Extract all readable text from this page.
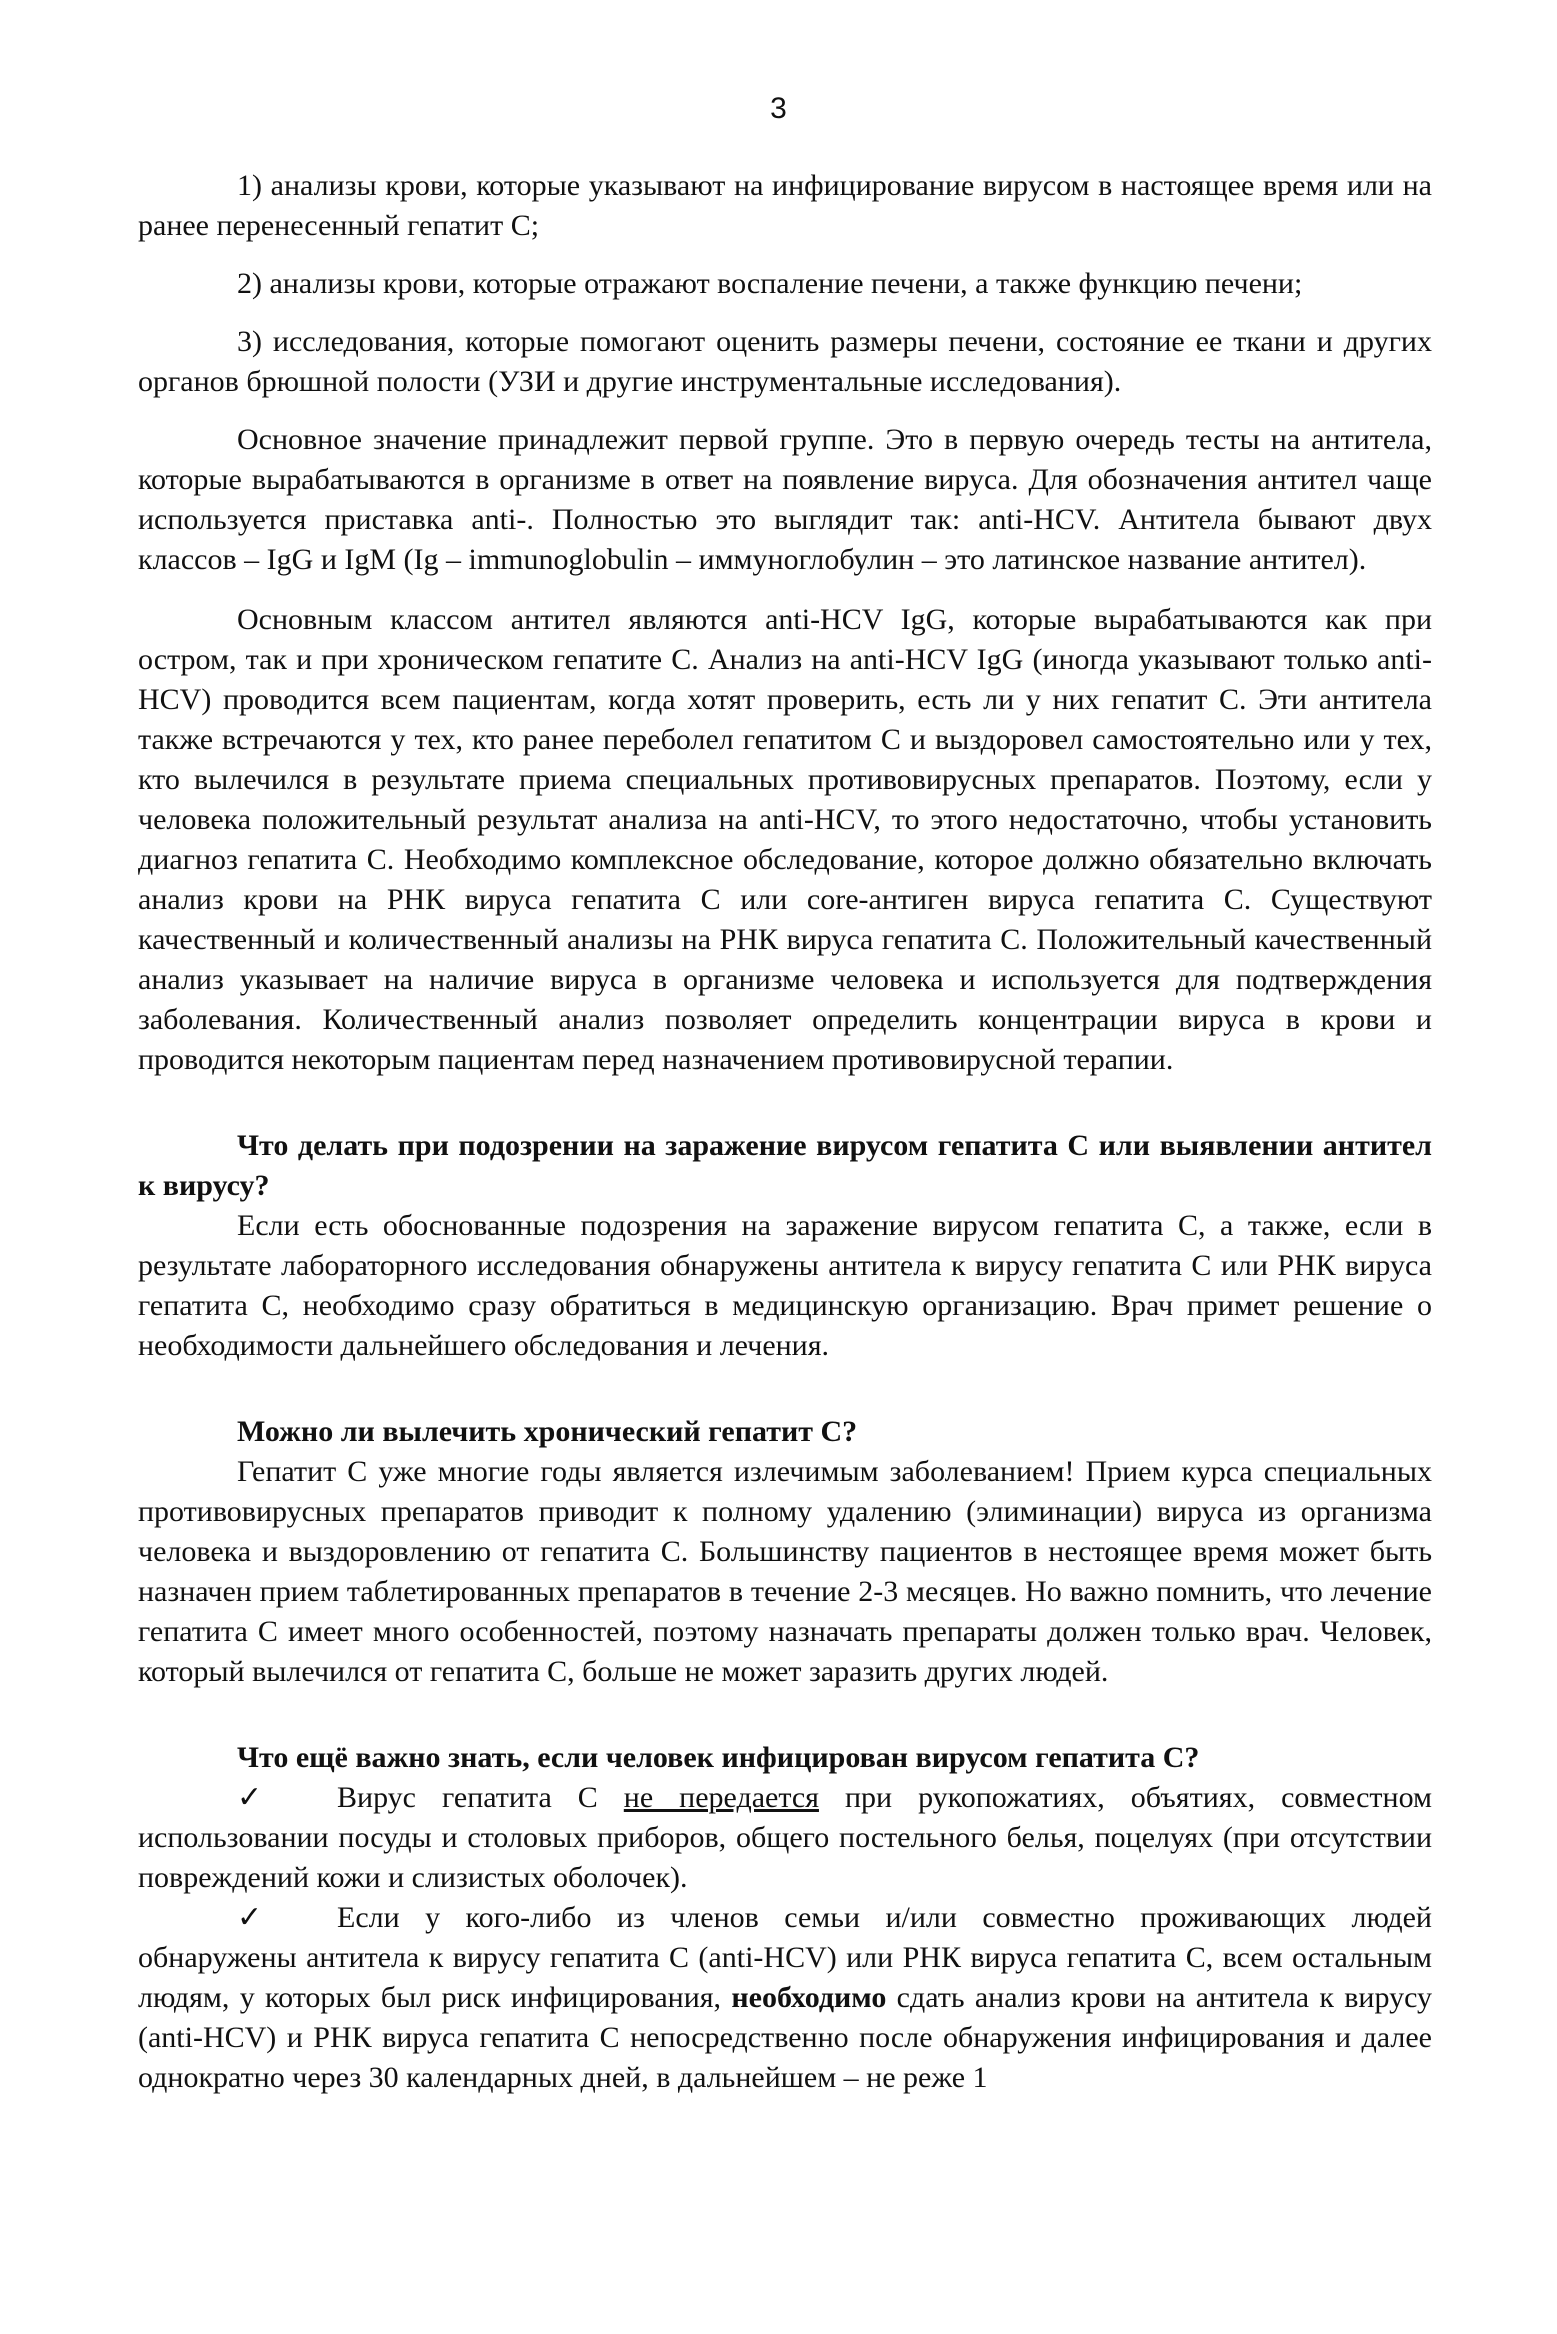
3

1) анализы крови, которые указывают на инфицирование вирусом в настоящее время или на ранее перенесенный гепатит С;

2) анализы крови, которые отражают воспаление печени, а также функцию печени;

3) исследования, которые помогают оценить размеры печени, состояние ее ткани и других органов брюшной полости (УЗИ и другие инструментальные исследования).

Основное значение принадлежит первой группе. Это в первую очередь тесты на антитела, которые вырабатываются в организме в ответ на появление вируса. Для обозначения антител чаще используется приставка anti-. Полностью это выглядит так: anti-HCV. Антитела бывают двух классов – IgG и IgM (Ig – immunoglobulin – иммуноглобулин – это латинское название антител).

Основным классом антител являются anti-HCV IgG, которые вырабатываются как при остром, так и при хроническом гепатите С. Анализ на anti-HCV IgG (иногда указывают только anti-HCV) проводится всем пациентам, когда хотят проверить, есть ли у них гепатит С. Эти антитела также встречаются у тех, кто ранее переболел гепатитом С и выздоровел самостоятельно или у тех, кто вылечился в результате приема специальных противовирусных препаратов. Поэтому, если у человека положительный результат анализа на anti-HCV, то этого недостаточно, чтобы установить диагноз гепатита С. Необходимо комплексное обследование, которое должно обязательно включать анализ крови на РНК вируса гепатита С или core-антиген вируса гепатита С. Существуют качественный и количественный анализы на РНК вируса гепатита С. Положительный качественный анализ указывает на наличие вируса в организме человека и используется для подтверждения заболевания. Количественный анализ позволяет определить концентрации вируса в крови и проводится некоторым пациентам перед назначением противовирусной терапии.

Что делать при подозрении на заражение вирусом гепатита С или выявлении антител к вирусу?

Если есть обоснованные подозрения на заражение вирусом гепатита С, а также, если в результате лабораторного исследования обнаружены антитела к вирусу гепатита С или РНК вируса гепатита С, необходимо сразу обратиться в медицинскую организацию. Врач примет решение о необходимости дальнейшего обследования и лечения.

Можно ли вылечить хронический гепатит С?

Гепатит С уже многие годы является излечимым заболеванием! Прием курса специальных противовирусных препаратов приводит к полному удалению (элиминации) вируса из организма человека и выздоровлению от гепатита С. Большинству пациентов в нестоящее время может быть назначен прием таблетированных препаратов в течение 2-3 месяцев. Но важно помнить, что лечение гепатита С имеет много особенностей, поэтому назначать препараты должен только врач. Человек, который вылечился от гепатита С, больше не может заразить других людей.

Что ещё важно знать, если человек инфицирован вирусом гепатита С?

✓ Вирус гепатита С не передается при рукопожатиях, объятиях, совместном использовании посуды и столовых приборов, общего постельного белья, поцелуях (при отсутствии повреждений кожи и слизистых оболочек).

✓ Если у кого-либо из членов семьи и/или совместно проживающих людей обнаружены антитела к вирусу гепатита С (anti-HCV) или РНК вируса гепатита С, всем остальным людям, у которых был риск инфицирования, необходимо сдать анализ крови на антитела к вирусу (anti-HCV) и РНК вируса гепатита С непосредственно после обнаружения инфицирования и далее однократно через 30 календарных дней, в дальнейшем – не реже 1
